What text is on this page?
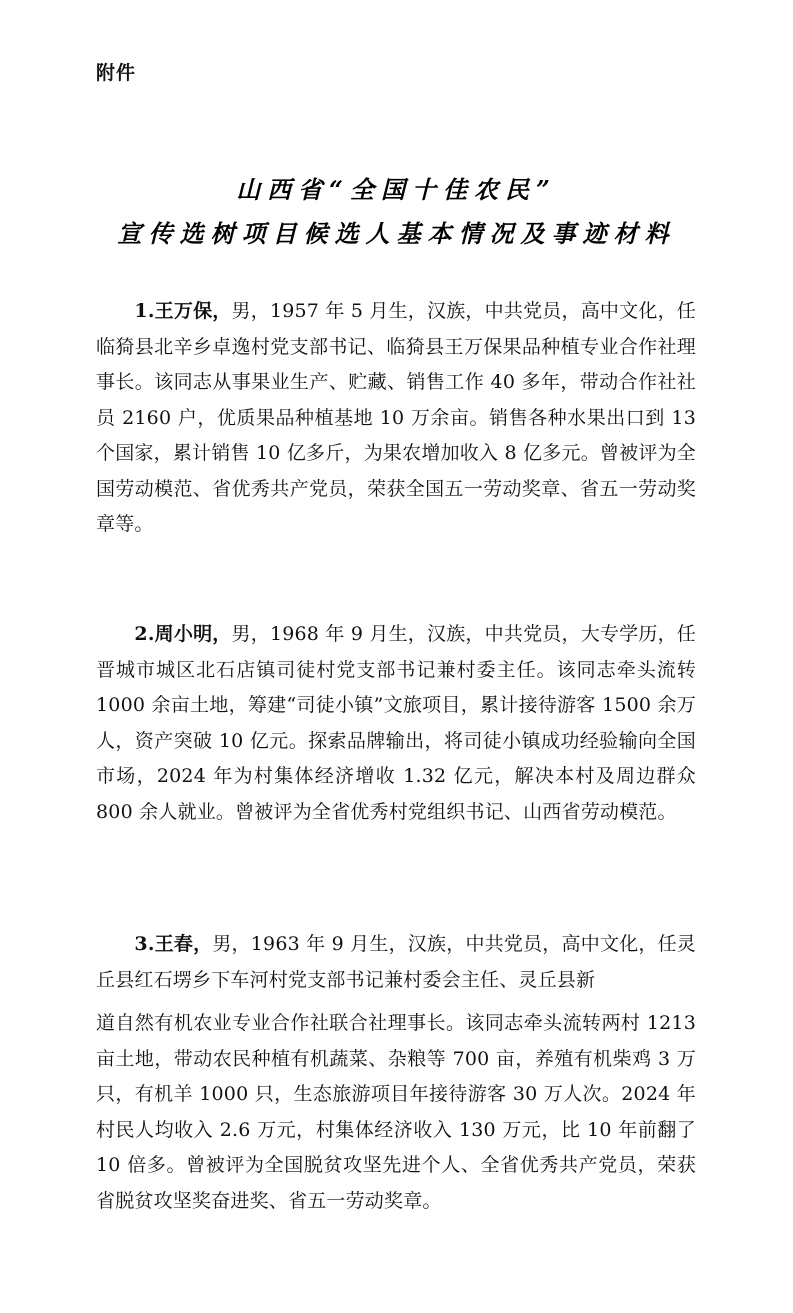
附件
山西省“全国十佳农民”
宣传选树项目候选人基本情况及事迹材料

  1.王万保，男，1957 年 5 月生，汉族，中共党员，高中文化，任临猗县北辛乡卓逸村党支部书记、临猗县王万保果品种植专业合作社理事长。该同志从事果业生产、贮藏、销售工作 40 多年，带动合作社社员 2160 户，优质果品种植基地 10 万余亩。销售各种水果出口到 13 个国家，累计销售 10 亿多斤，为果农增加收入 8 亿多元。曾被评为全国劳动模范、省优秀共产党员，荣获全国五一劳动奖章、省五一劳动奖章等。

  2.周小明，男，1968 年 9 月生，汉族，中共党员，大专学历，任晋城市城区北石店镇司徒村党支部书记兼村委主任。该同志牵头流转 1000 余亩土地，筹建“司徒小镇”文旅项目，累计接待游客 1500 余万人，资产突破 10 亿元。探索品牌输出，将司徒小镇成功经验输向全国市场，2024 年为村集体经济增收 1.32 亿元，解决本村及周边群众 800 余人就业。曾被评为全省优秀村党组织书记、山西省劳动模范。

  3.王春，男，1963 年 9 月生，汉族，中共党员，高中文化，任灵丘县红石塄乡下车河村党支部书记兼村委会主任、灵丘县新
道自然有机农业专业合作社联合社理事长。该同志牵头流转两村 1213 亩土地，带动农民种植有机蔬菜、杂粮等 700 亩，养殖有机柴鸡 3 万只，有机羊 1000 只，生态旅游项目年接待游客 30 万人次。2024 年村民人均收入 2.6 万元，村集体经济收入 130 万元，比 10 年前翻了 10 倍多。曾被评为全国脱贫攻坚先进个人、全省优秀共产党员，荣获省脱贫攻坚奖奋进奖、省五一劳动奖章。
